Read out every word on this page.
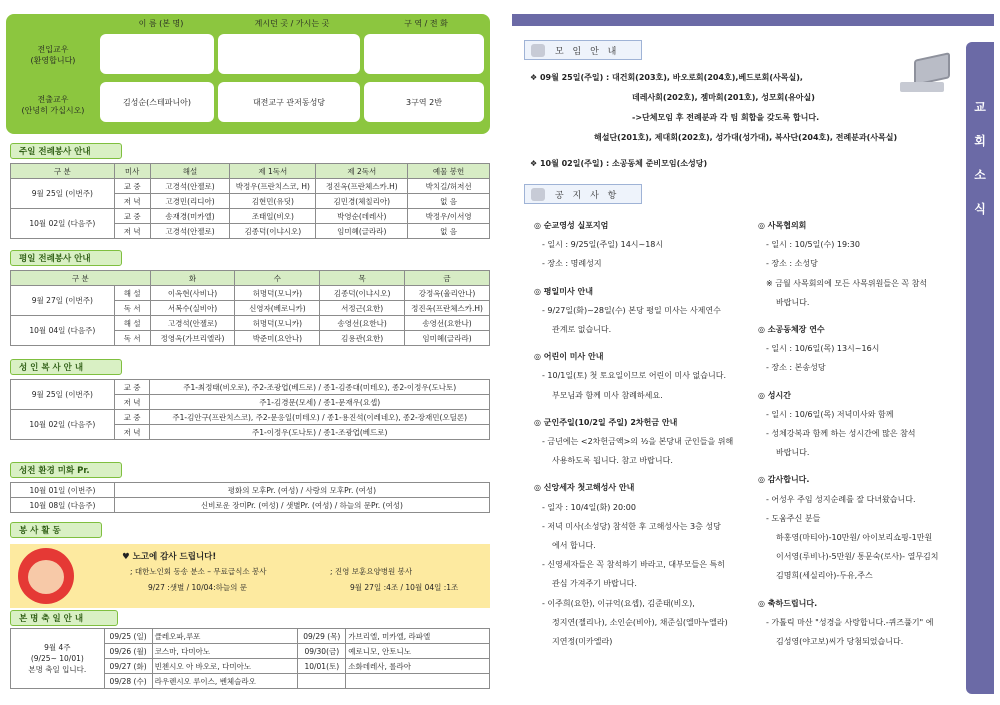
이 름 (본 명)	계시던 곳 / 가시는 곳	구 역 / 전 화
전입교우
(환영합니다)
전출교우
(안녕히 가십시오)
김성순(스테파니아)	대전교구 관저동성당	3구역 2반
주일 전례봉사 안내
구 분	미사	해설	제 1독서	제 2독서	예물 봉헌
9월 25일 (이번주)	교 중	고경석(안젤로)	박정우(프란치스코, H)	정진옥(프란체스카.H)	박치길/허저선
	저 녁	고경민(리디아)	김현민(유딧)	김민경(체칠리아)	없 음
10월 02일 (다음주)	교 중	송재경(미카엘)	조태일(비오)	박영순(데레사)	박정우/이서영
	저 녁	고경석(안젤로)	김종덕(이냐시오)	임미혜(글라라)	없 음
평일 전례봉사 안내
구 분		화	수	목	금
9월 27일 (이번주)	해 설	이옥현(사비나)	허명덕(모니카)	김종덕(이냐시오)	강정옥(율리안나)
	독 서	서복수(실비아)	신영자(베로니카)	서정근(요한)	정진옥(프란체스카.H)
10월 04일 (다음주)	해 설	고경석(안젤로)	허명덕(모니카)	송영선(요한나)	송영선(요한나)
	독 서	정영옥(가브리엘라)	박준미(요안나)	김용관(요한)	임미혜(글라라)
성 인 복 사 안 내
9월 25일 (이번주)	교 중	주1-최정태(비오로), 주2-조광업(베드로) / 종1-김종대(미테오), 종2-이정우(도나토)
	저 녁	주1-김경문(모세) / 종1-문재우(요셉)
10월 02일 (다음주)	교 중	주1-김안구(프란치스코), 주2-문응일(미테오) / 종1-용진석(이레네오), 종2-장재민(오딜론)
	저 녁	주1-이정우(도나토) / 종1-조광업(베드로)
성전 환경 미화 Pr.
10월 01일 (이번주)	평화의 모후Pr. (여성) / 사랑의 모후Pr. (여성)
10월 08일 (다음주)	신비로운 장미Pr. (여성) / 샛별Pr. (여성) / 하늘의 문Pr. (여성)
봉 사 활 동
♥ 노고에 감사 드립니다!
; 대한노인회 동송 분소 – 무료급식소 봉사
9/27 :샛별 / 10/04:하늘의 문
; 진영 보훈요양병원 봉사
9월 27일 :4조 / 10월 04일 :1조
본 명 축 일 안 내
9월 4주
(9/25~ 10/01)
본명 축일 입니다.	09/25 (일)	클레오파,루포	09/29 (목)	가브리엘, 미카엘, 라파엘
	09/26 (월)	코스마, 다미아노	09/30(금)	예로니모, 안토니노
	09/27 (화)	빈첸시오 아 바오로, 다미아노	10/01(토)	소화데레사, 롤라아
	09/28 (수)	라우렌시오 루이스, 벤체슬라오		
교
회
소
식
모 임 안 내
❖ 09월 25일(주일) : 대건회(203호), 바오로회(204호),베드로회(사목실),
데레사회(202호), 젬마회(201호), 성모회(유아실)
->단체모임 후 전례분과 각 팀 회합을 갖도록 합니다.
해설단(201호), 제대회(202호), 성가대(성가대), 복사단(204호), 전례분과(사목실)
❖ 10월 02일(주일) : 소공동체 준비모임(소성당)
공 지 사 항
◎ 순교영성 실포지엄
- 일시 : 9/25일(주일) 14시~18시
- 장소 : 명례성지
◎ 평일미사 안내
- 9/27일(화)~28일(수) 본당 평일 미사는 사제연수
관계로 없습니다.
◎ 어린이 미사 안내
- 10/1일(토) 첫 토요일이므로 어린이 미사 없습니다.
부모님과 함께 미사 참례하세요.
◎ 군인주일(10/2일 주일) 2차헌금 안내
- 금년에는 <2차헌금액>의 ½을 본당내 군인들을 위해
사용하도록 됩니다. 참고 바랍니다.
◎ 신앙세자 첫고해성사 안내
- 일자 : 10/4일(화) 20:00
- 저녁 미사(소성당) 참석한 후 고해성사는 3층 성당
에서 합니다.
- 신영세자들은 꼭 참석하기 바라고, 대부모들은 특히
관심 가져주기 바랍니다.
- 이주희(요한), 이규억(요셉), 김준태(비오),
정지연(젤리나), 소인순(비아), 채준심(엘마누엘라)
지연정(미카엘라)
◎ 사목협의회
- 일시 : 10/5일(수) 19:30
- 장소 : 소성당
※ 금월 사목회의에 모든 사목위원들은 꼭 참석
바랍니다.
◎ 소공동체장 연수
- 일시 : 10/6일(목) 13시~16시
- 장소 : 본송성당
◎ 성시간
- 일시 : 10/6일(목) 저녁미사와 함께
- 성체강복과 함께 하는 성시간에 많은 참석
바랍니다.
◎ 감사합니다.
- 어성우 주임 성지순례를 잘 다녀왔습니다.
- 도움주신 분들
하홍영(마티아)-10만원/ 아이보리쇼핑-1만원
이서영(루비나)-5만원/ 통문숙(로사)- 열무김치
김명희(세실리아)-두유,주스
◎ 축하드립니다.
- 가톨릭 마산 "성경을 사랑합니다.-퀴즈풀기" 에
김성영(야고보)씨가 당첨되었습니다.
